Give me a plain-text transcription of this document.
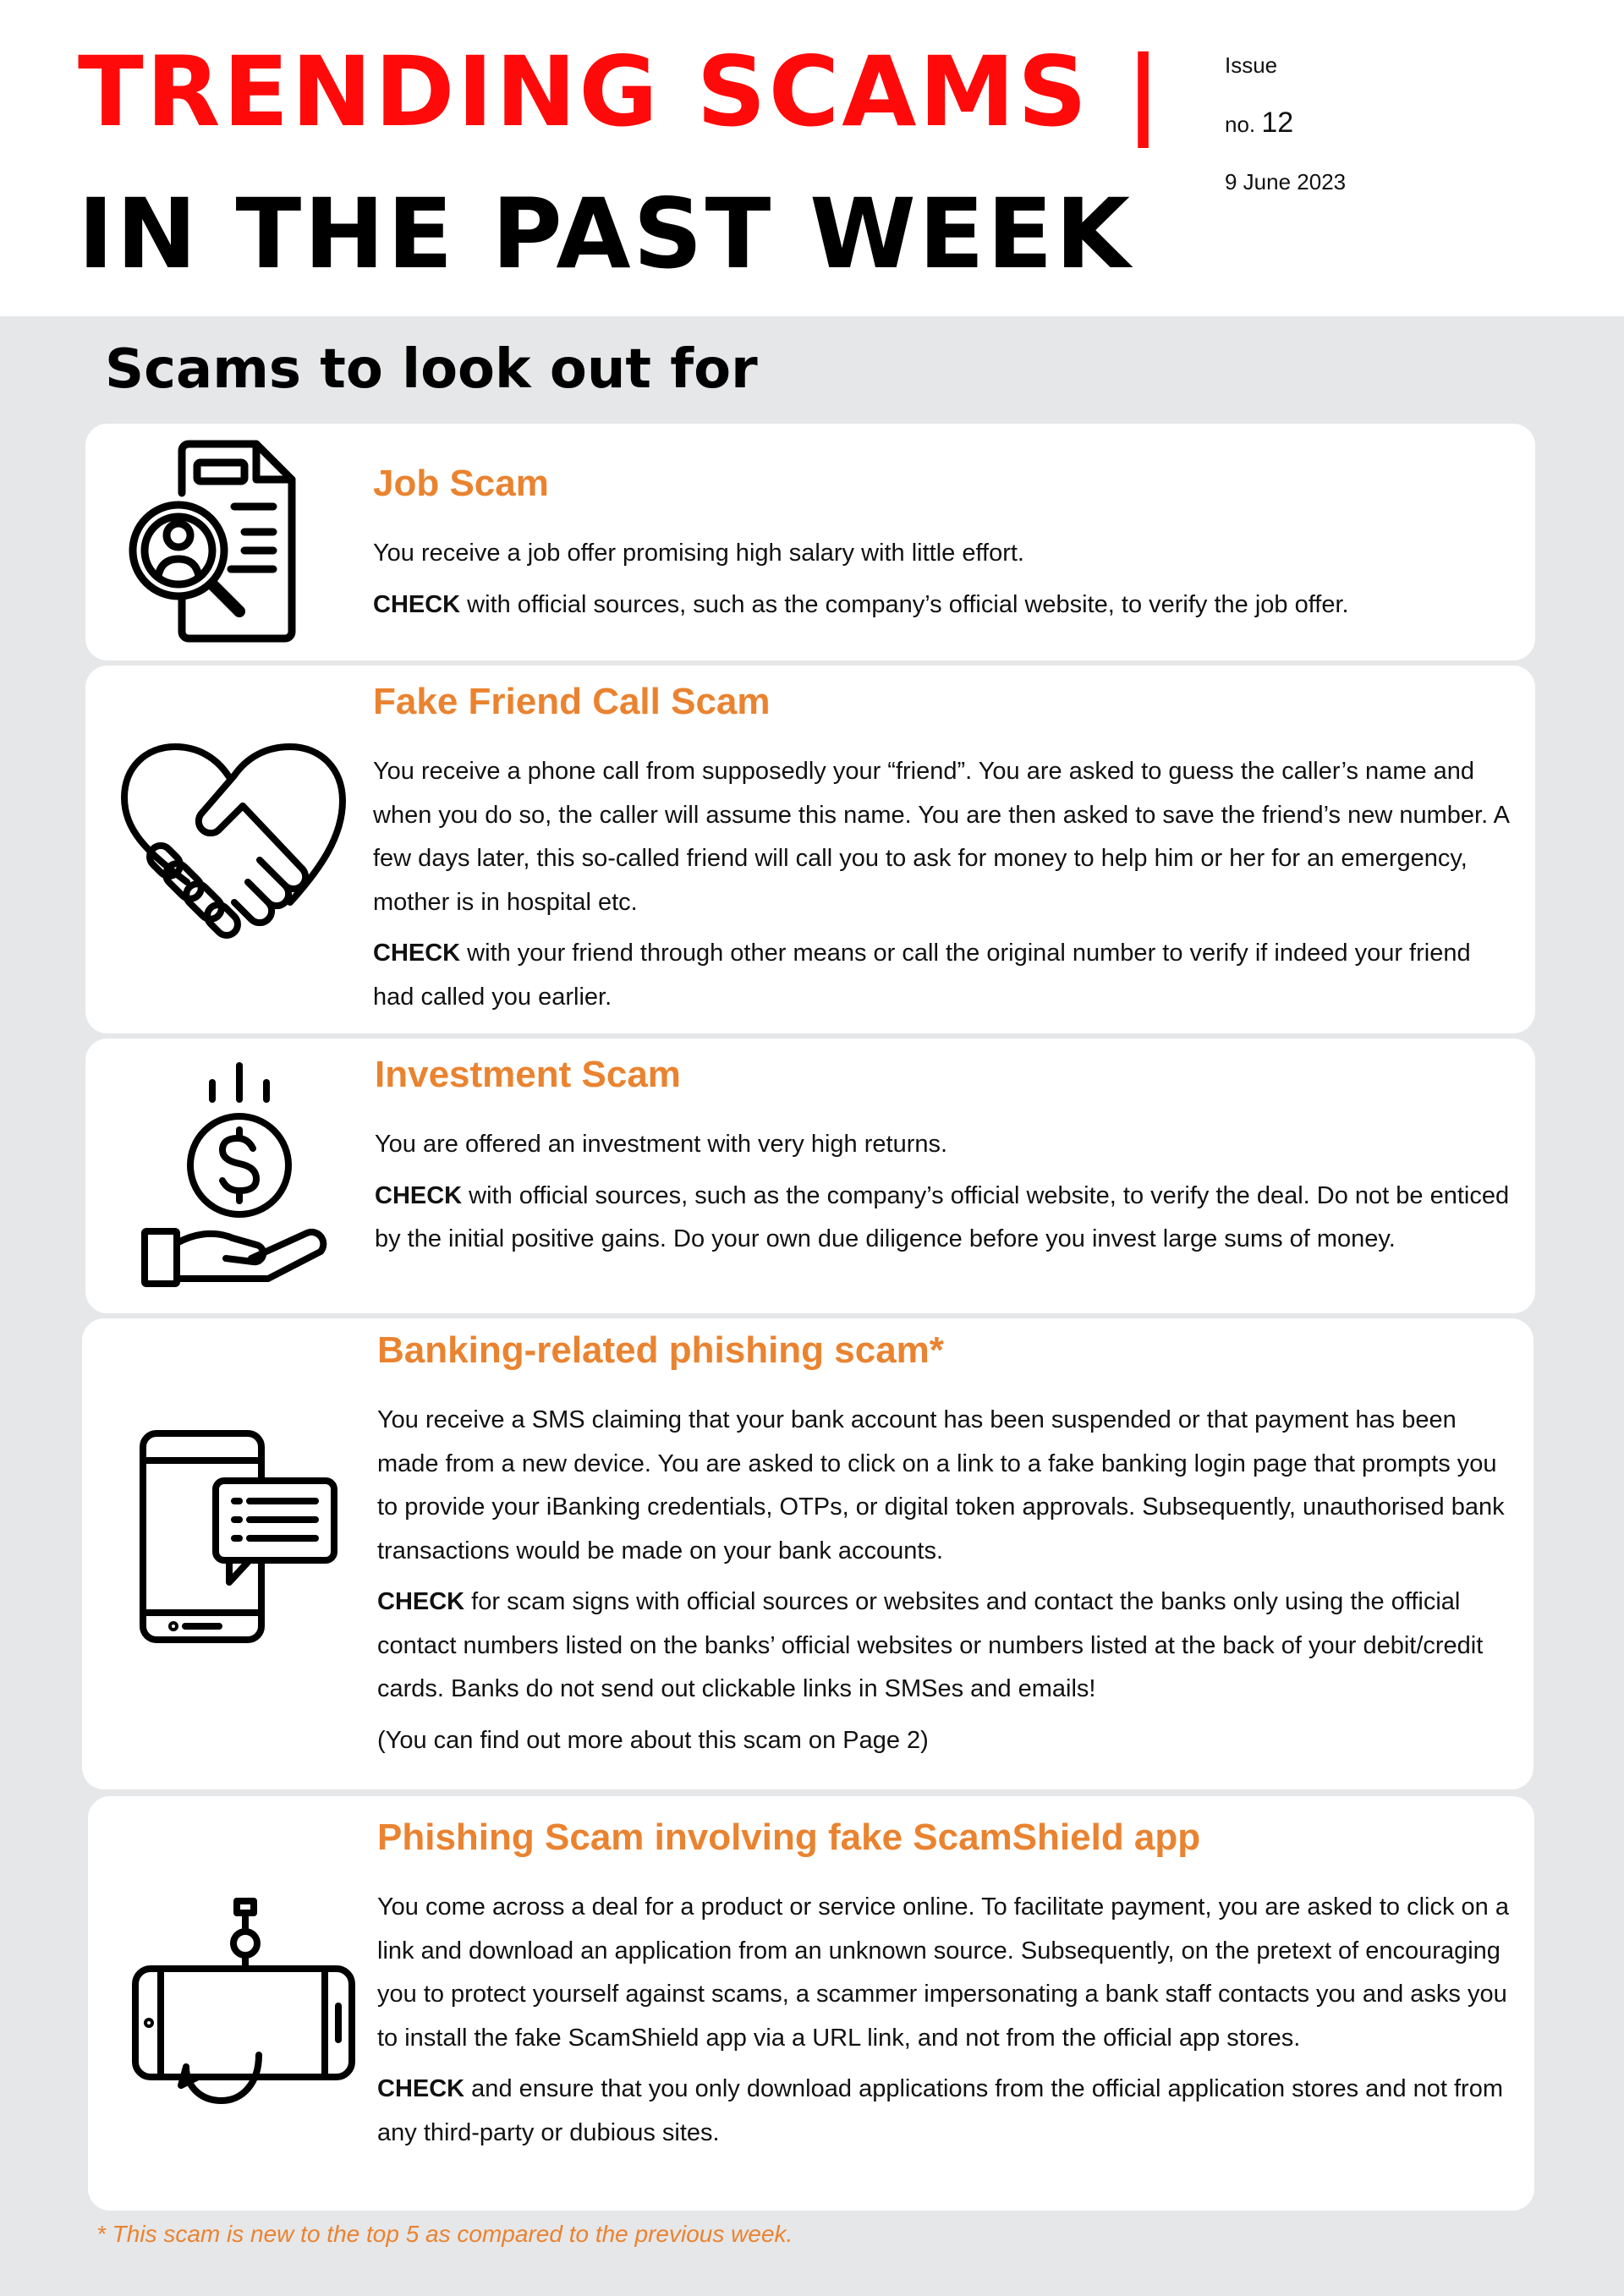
TRENDING SCAMS |
IN THE PAST WEEK
Issue
no. 12
9 June 2023
Scams to look out for
Job Scam

You receive a job offer promising high salary with little effort.

CHECK with official sources, such as the company’s official website, to verify the job offer.

Fake Friend Call Scam

You receive a phone call from supposedly your “friend”. You are asked to guess the caller’s name and when you do so, the caller will assume this name. You are then asked to save the friend’s new number. A few days later, this so-called friend will call you to ask for money to help him or her for an emergency, mother is in hospital etc.

CHECK with your friend through other means or call the original number to verify if indeed your friend had called you earlier.

Investment Scam

You are offered an investment with very high returns.

CHECK with official sources, such as the company’s official website, to verify the deal. Do not be enticed by the initial positive gains. Do your own due diligence before you invest large sums of money.

Banking-related phishing scam*

You receive a SMS claiming that your bank account has been suspended or that payment has been made from a new device. You are asked to click on a link to a fake banking login page that prompts you to provide your iBanking credentials, OTPs, or digital token approvals. Subsequently, unauthorised bank transactions would be made on your bank accounts.

CHECK for scam signs with official sources or websites and contact the banks only using the official contact numbers listed on the banks’ official websites or numbers listed at the back of your debit/credit cards. Banks do not send out clickable links in SMSes and emails!

(You can find out more about this scam on Page 2)

Phishing Scam involving fake ScamShield app

You come across a deal for a product or service online. To facilitate payment, you are asked to click on a link and download an application from an unknown source. Subsequently, on the pretext of encouraging you to protect yourself against scams, a scammer impersonating a bank staff contacts you and asks you to install the fake ScamShield app via a URL link, and not from the official app stores.

CHECK and ensure that you only download applications from the official application stores and not from any third-party or dubious sites.

* This scam is new to the top 5 as compared to the previous week.
